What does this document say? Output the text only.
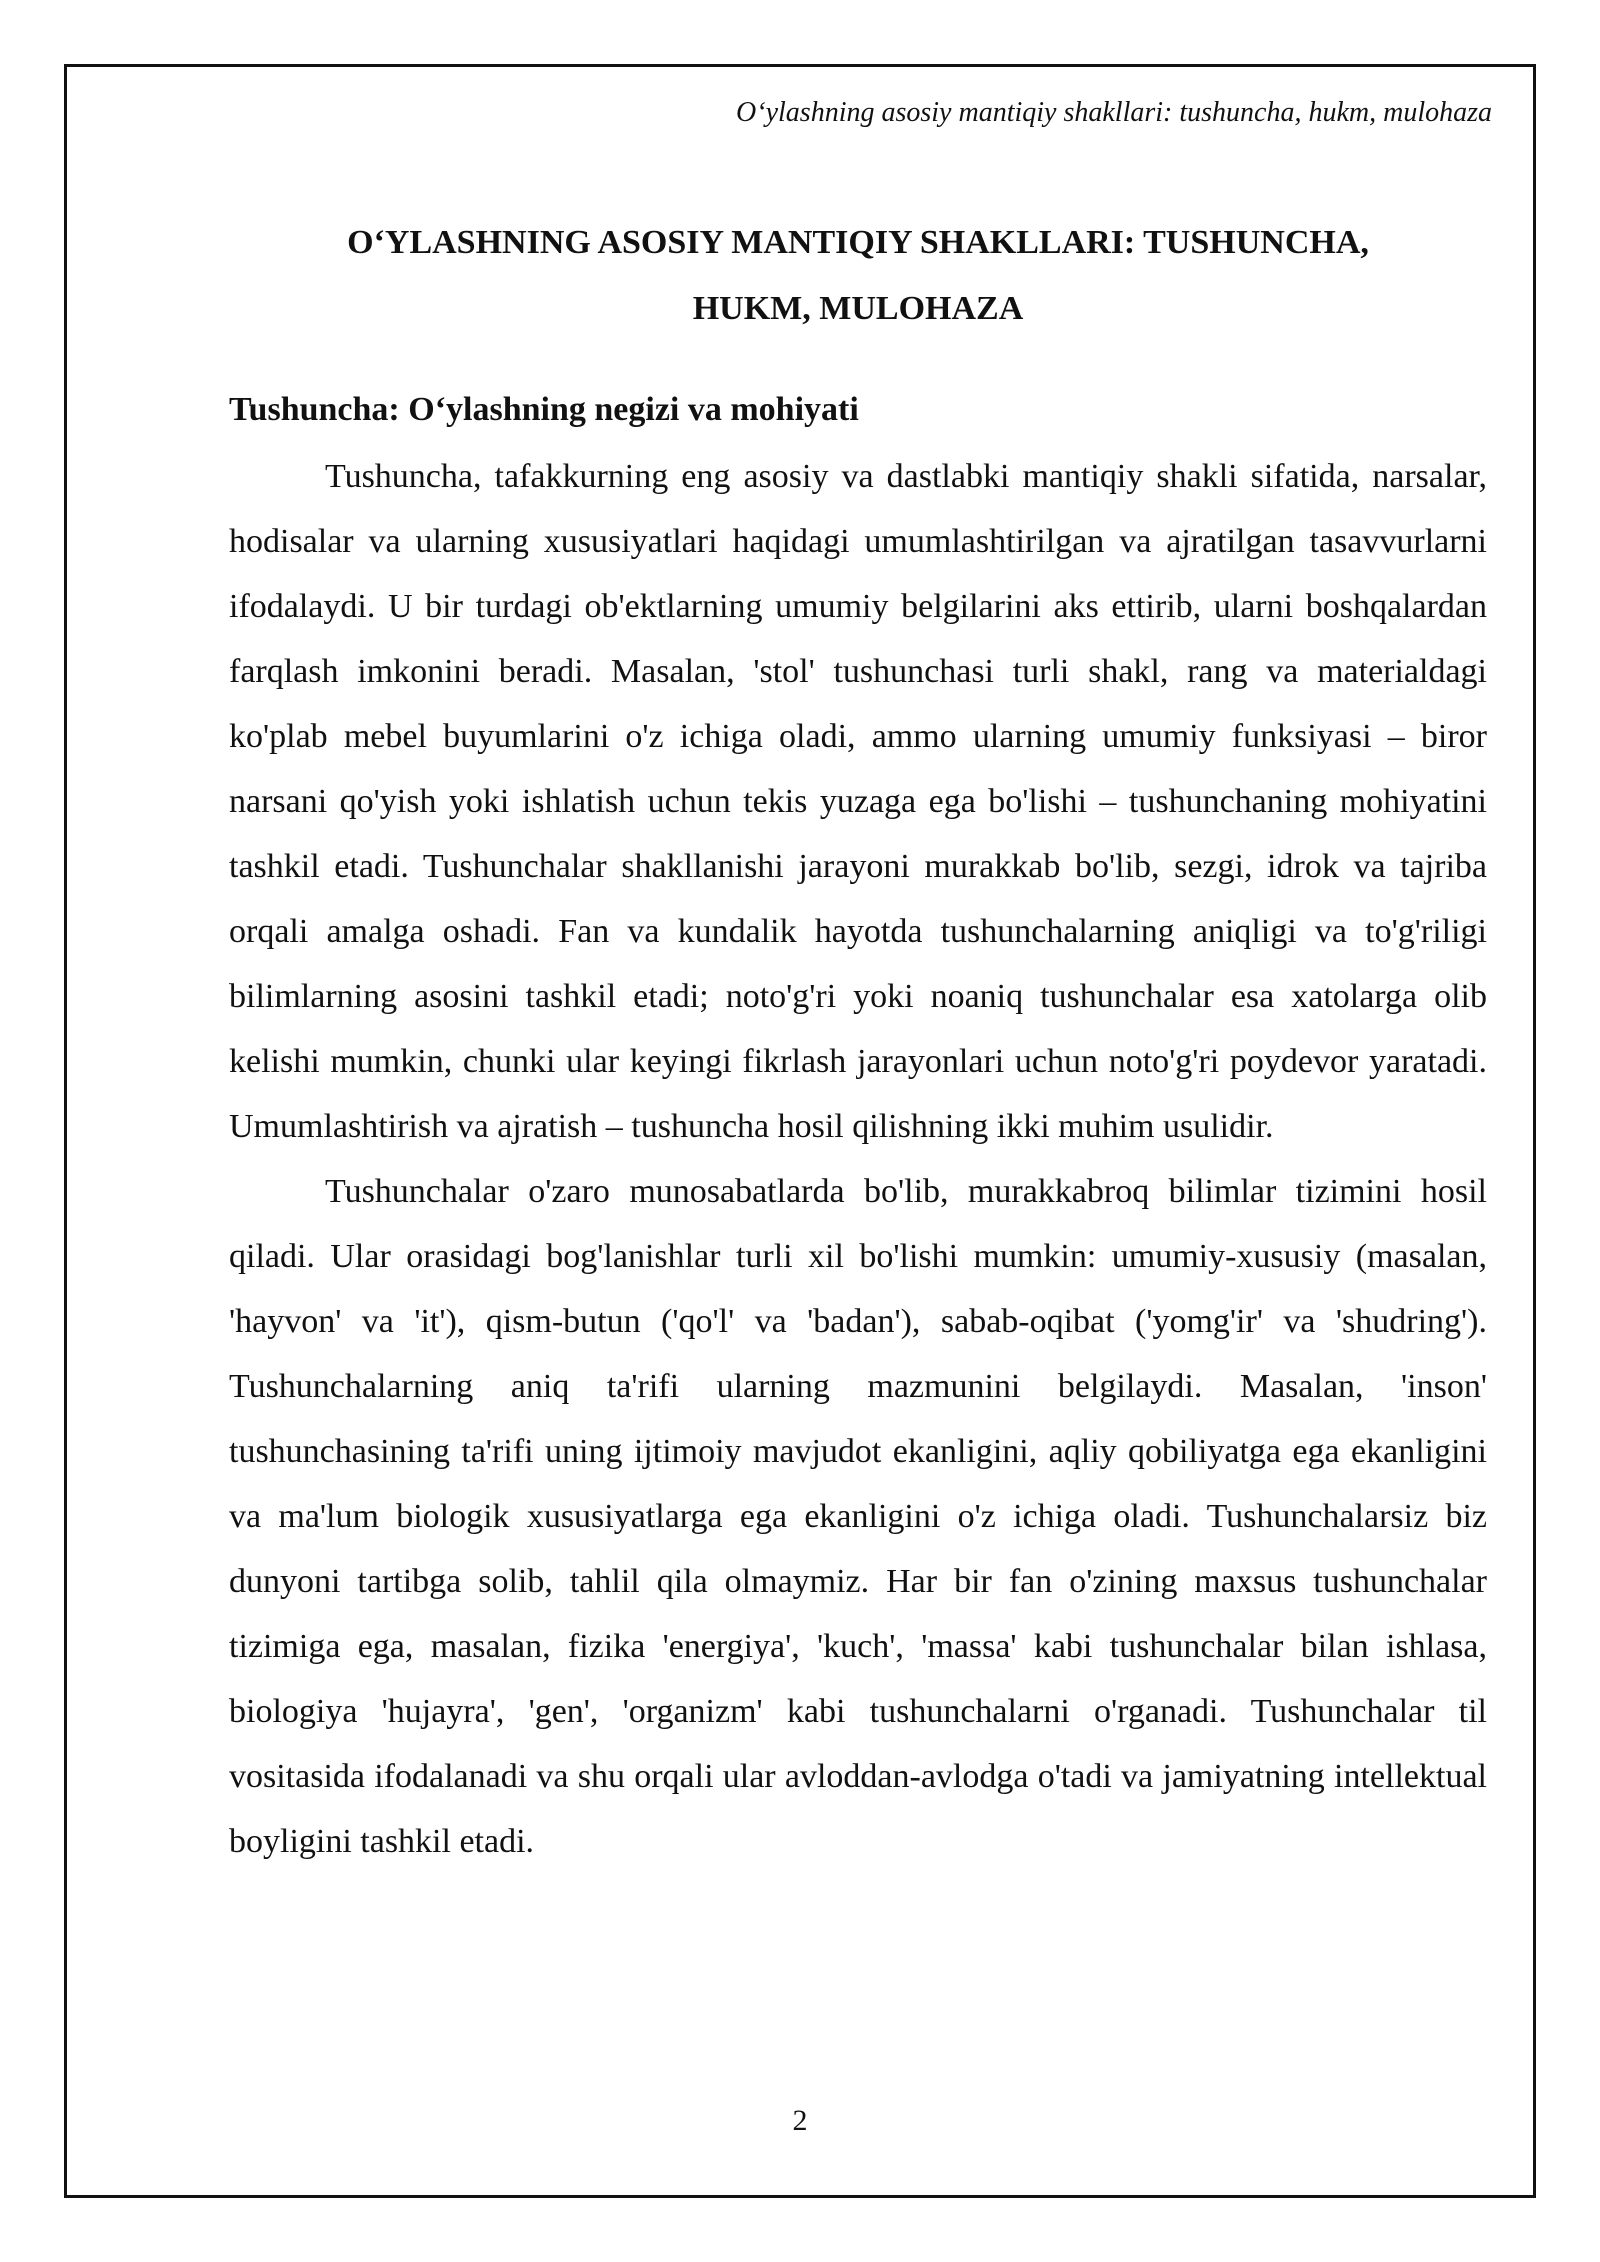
O‘ylashning asosiy mantiqiy shakllari: tushuncha, hukm, mulohaza
O‘YLASHNING ASOSIY MANTIQIY SHAKLLARI: TUSHUNCHA,
HUKM, MULOHAZA
Tushuncha: O‘ylashning negizi va mohiyati

Tushuncha, tafakkurning eng asosiy va dastlabki mantiqiy shakli sifatida, narsalar, hodisalar va ularning xususiyatlari haqidagi umumlashtirilgan va ajratilgan tasavvurlarni ifodalaydi. U bir turdagi ob'ektlarning umumiy belgilarini aks ettirib, ularni boshqalardan farqlash imkonini beradi. Masalan, 'stol' tushunchasi turli shakl, rang va materialdagi ko'plab mebel buyumlarini o'z ichiga oladi, ammo ularning umumiy funksiyasi – biror narsani qo'yish yoki ishlatish uchun tekis yuzaga ega bo'lishi – tushunchaning mohiyatini tashkil etadi. Tushunchalar shakllanishi jarayoni murakkab bo'lib, sezgi, idrok va tajriba orqali amalga oshadi. Fan va kundalik hayotda tushunchalarning aniqligi va to'g'riligi bilimlarning asosini tashkil etadi; noto'g'ri yoki noaniq tushunchalar esa xatolarga olib kelishi mumkin, chunki ular keyingi fikrlash jarayonlari uchun noto'g'ri poydevor yaratadi. Umumlashtirish va ajratish – tushuncha hosil qilishning ikki muhim usulidir.

Tushunchalar o'zaro munosabatlarda bo'lib, murakkabroq bilimlar tizimini hosil qiladi. Ular orasidagi bog'lanishlar turli xil bo'lishi mumkin: umumiy-xususiy (masalan, 'hayvon' va 'it'), qism-butun ('qo'l' va 'badan'), sabab-oqibat ('yomg'ir' va 'shudring'). Tushunchalarning aniq ta'rifi ularning mazmunini belgilaydi. Masalan, 'inson' tushunchasining ta'rifi uning ijtimoiy mavjudot ekanligini, aqliy qobiliyatga ega ekanligini va ma'lum biologik xususiyatlarga ega ekanligini o'z ichiga oladi. Tushunchalarsiz biz dunyoni tartibga solib, tahlil qila olmaymiz. Har bir fan o'zining maxsus tushunchalar tizimiga ega, masalan, fizika 'energiya', 'kuch', 'massa' kabi tushunchalar bilan ishlasa, biologiya 'hujayra', 'gen', 'organizm' kabi tushunchalarni o'rganadi. Tushunchalar til vositasida ifodalanadi va shu orqali ular avloddan-avlodga o'tadi va jamiyatning intellektual boyligini tashkil etadi.

2
